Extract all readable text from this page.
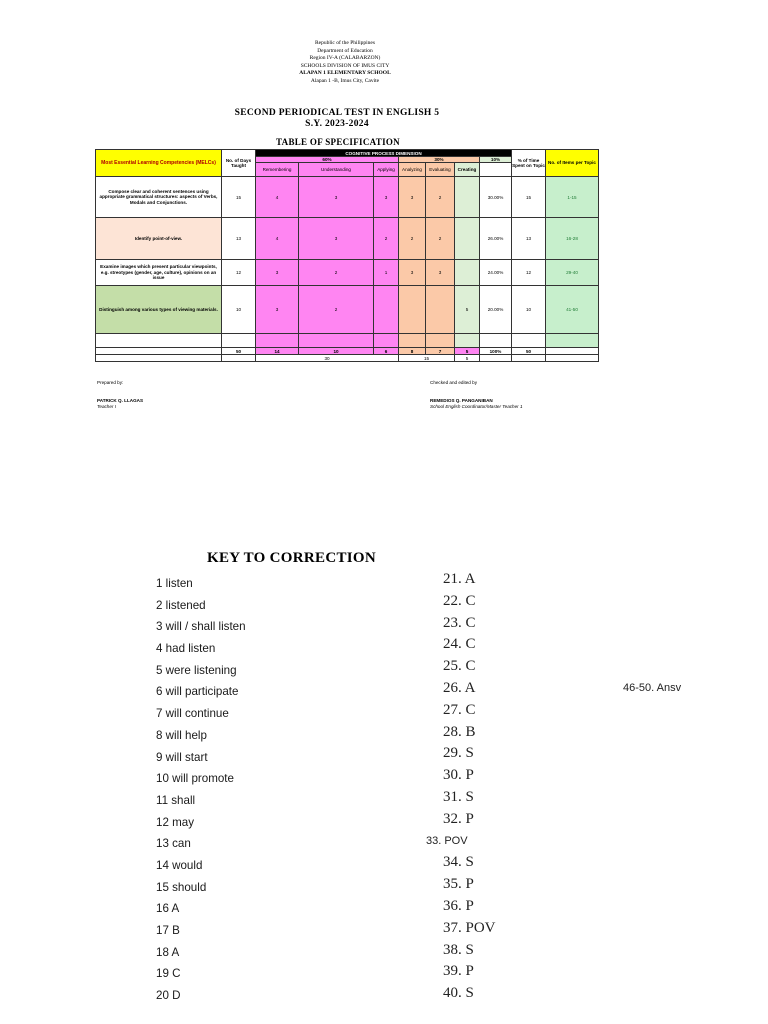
Republic of the Philippines
Department of Education
Region IV-A (CALABARZON)
SCHOOLS DIVISION OF IMUS CITY
ALAPAN 1 ELEMENTARY SCHOOL
Alapan 1 -B, Imus City, Cavite
SECOND PERIODICAL TEST IN ENGLISH 5
S.Y. 2023-2024
TABLE OF SPECIFICATION
Most Essential Learning Competencies (MELCs)	No. of Days Taught	COGNITIVE PROCESS DIMENSION							% of Time Spent on Topic	No. of Items per Topic	
		60%			30%			10%			
		Remembering	Understanding	Applying	Analyzing	Evaluating	Creating				
Compose clear and coherent sentences using appropriate grammatical structures: aspects of Verbs, Modals and Conjunctions.	15	4	3	3	3	2		30.00%	15	1-15	
Identify point-of-view.	13	4	3	2	2	2		26.00%	13	16-28	
Examine images which present particular viewpoints, e.g. streotypes (gender, age, culture), opinions on an issue	12	3	2	1	3	3		24.00%	12	29-40	
Distinguish among various types of viewing materials.	10	3	2				5	20.00%	10	41-50	

	50	14	10	6	8	7	5	100%	50		
		30			15		5				
Prepared by:
PATRICK Q. LLAGAS
Teacher I
Checked and edited by
REMEDIOS Q. PANGANIBAN
School English Coordinator/Master Teacher 1
KEY TO CORRECTION
1 listen
2 listened
3 will / shall listen
4 had listen
5 were listening
6 will participate
7 will continue
8 will help
9 will start
10 will promote
11 shall
12 may
13 can
14 would
15 should
16 A
17 B
18 A
19 C
20 D
21. A
22. C
23. C
24. C
25. C
26. A
27. C
28. B
29. S
30. P
31. S
32. P
33. POV
34. S
35. P
36. P
37. POV
38. S
39. P
40. S
46-50. Ansv
